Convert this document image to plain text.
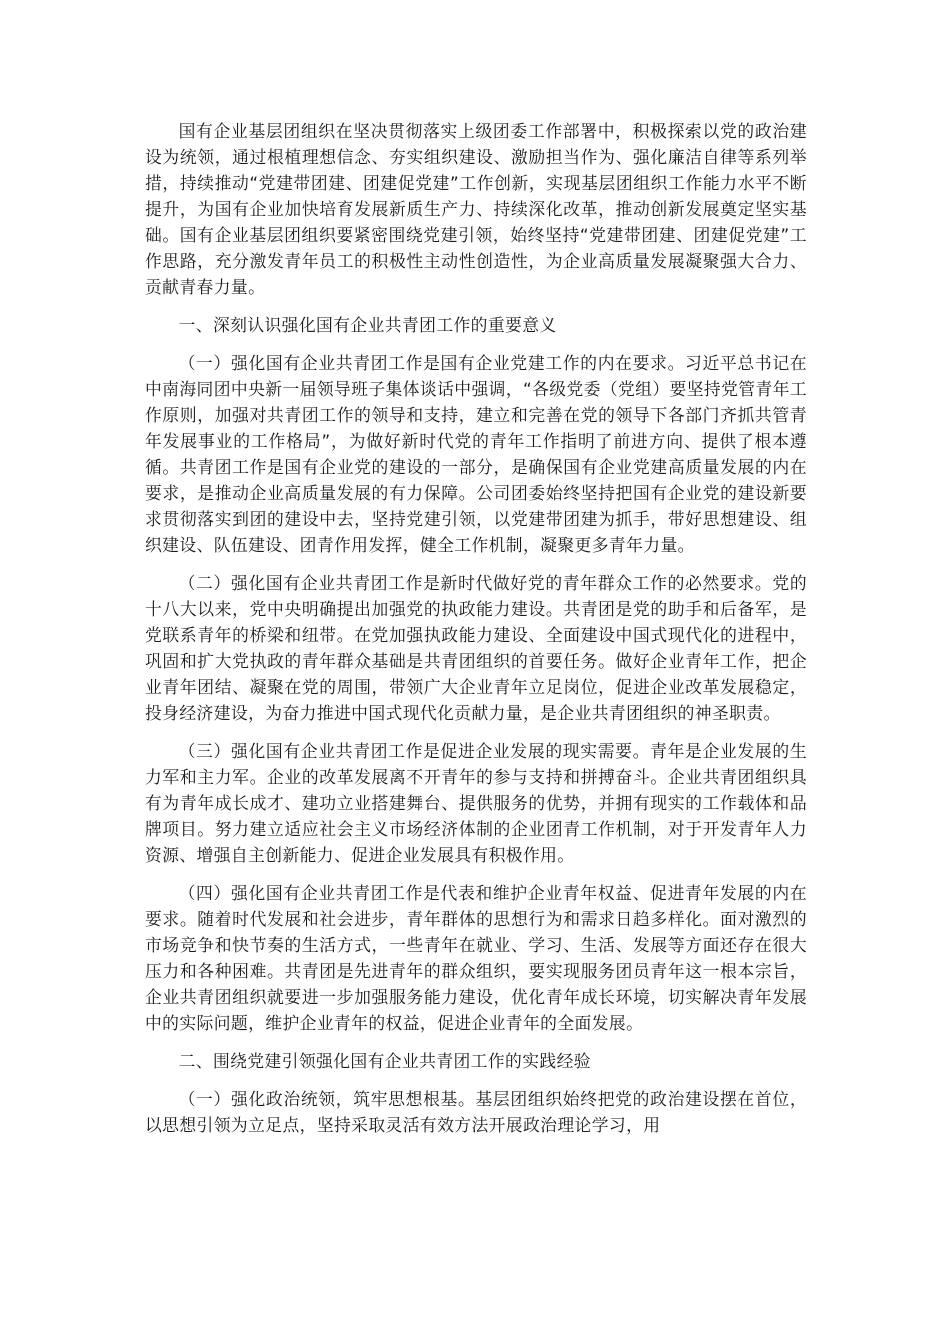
国有企业基层团组织在坚决贯彻落实上级团委工作部署中，积极探索以党的政治建设为统领，通过根植理想信念、夯实组织建设、激励担当作为、强化廉洁自律等系列举措，持续推动“党建带团建、团建促党建”工作创新，实现基层团组织工作能力水平不断提升，为国有企业加快培育发展新质生产力、持续深化改革，推动创新发展奠定坚实基础。国有企业基层团组织要紧密围绕党建引领，始终坚持“党建带团建、团建促党建”工作思路，充分激发青年员工的积极性主动性创造性，为企业高质量发展凝聚强大合力、贡献青春力量。

一、深刻认识强化国有企业共青团工作的重要意义

（一）强化国有企业共青团工作是国有企业党建工作的内在要求。习近平总书记在中南海同团中央新一届领导班子集体谈话中强调，“各级党委（党组）要坚持党管青年工作原则，加强对共青团工作的领导和支持，建立和完善在党的领导下各部门齐抓共管青年发展事业的工作格局”，为做好新时代党的青年工作指明了前进方向、提供了根本遵循。共青团工作是国有企业党的建设的一部分，是确保国有企业党建高质量发展的内在要求，是推动企业高质量发展的有力保障。公司团委始终坚持把国有企业党的建设新要求贯彻落实到团的建设中去，坚持党建引领，以党建带团建为抓手，带好思想建设、组织建设、队伍建设、团青作用发挥，健全工作机制，凝聚更多青年力量。

（二）强化国有企业共青团工作是新时代做好党的青年群众工作的必然要求。党的十八大以来，党中央明确提出加强党的执政能力建设。共青团是党的助手和后备军，是党联系青年的桥梁和纽带。在党加强执政能力建设、全面建设中国式现代化的进程中，巩固和扩大党执政的青年群众基础是共青团组织的首要任务。做好企业青年工作，把企业青年团结、凝聚在党的周围，带领广大企业青年立足岗位，促进企业改革发展稳定，投身经济建设，为奋力推进中国式现代化贡献力量，是企业共青团组织的神圣职责。

（三）强化国有企业共青团工作是促进企业发展的现实需要。青年是企业发展的生力军和主力军。企业的改革发展离不开青年的参与支持和拼搏奋斗。企业共青团组织具有为青年成长成才、建功立业搭建舞台、提供服务的优势，并拥有现实的工作载体和品牌项目。努力建立适应社会主义市场经济体制的企业团青工作机制，对于开发青年人力资源、增强自主创新能力、促进企业发展具有积极作用。

（四）强化国有企业共青团工作是代表和维护企业青年权益、促进青年发展的内在要求。随着时代发展和社会进步，青年群体的思想行为和需求日趋多样化。面对激烈的市场竞争和快节奏的生活方式，一些青年在就业、学习、生活、发展等方面还存在很大压力和各种困难。共青团是先进青年的群众组织，要实现服务团员青年这一根本宗旨，企业共青团组织就要进一步加强服务能力建设，优化青年成长环境，切实解决青年发展中的实际问题，维护企业青年的权益，促进企业青年的全面发展。

二、围绕党建引领强化国有企业共青团工作的实践经验

（一）强化政治统领，筑牢思想根基。基层团组织始终把党的政治建设摆在首位，以思想引领为立足点，坚持采取灵活有效方法开展政治理论学习，用
